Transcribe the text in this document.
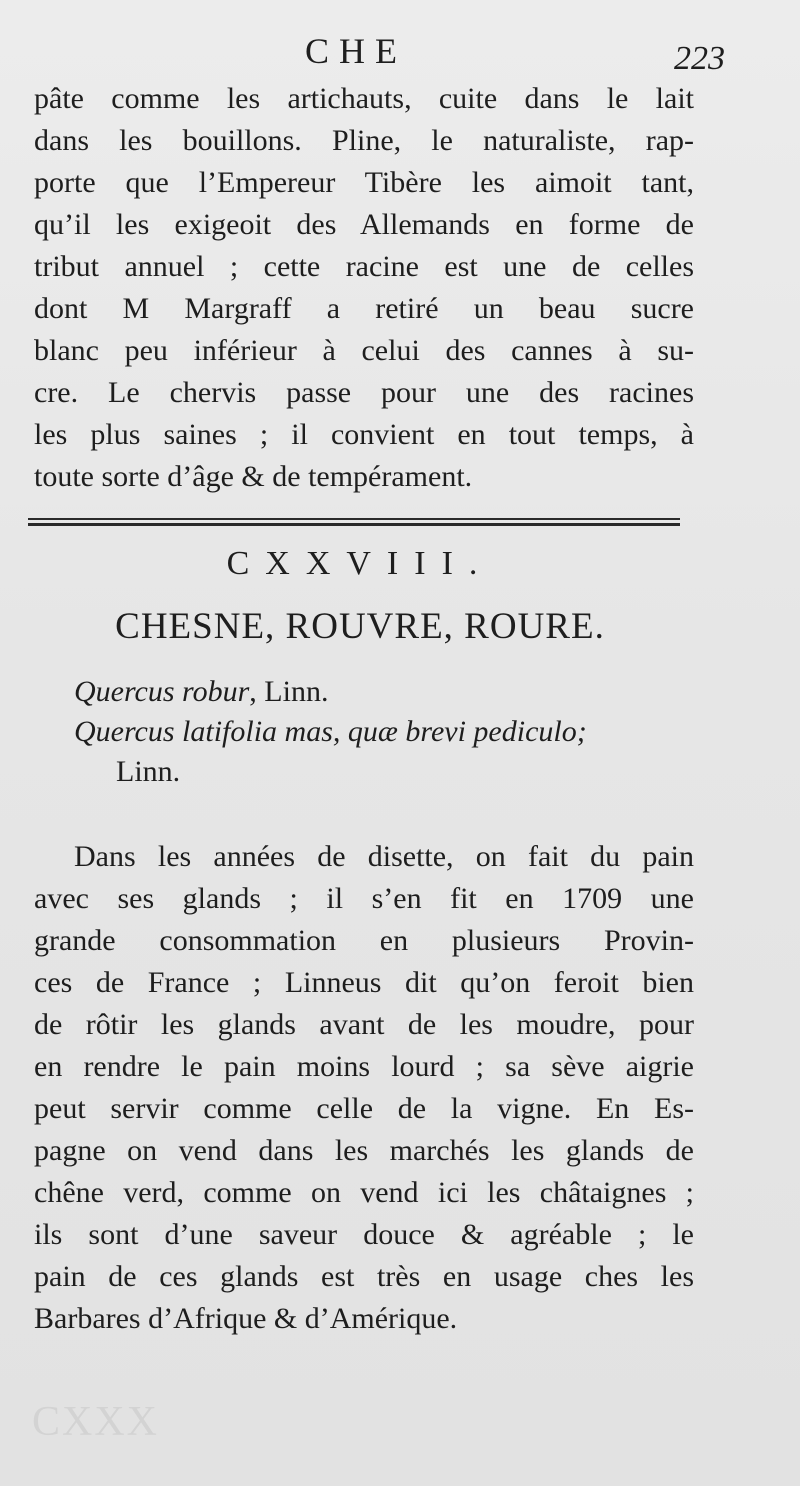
CHE	223
pâte comme les artichauts, cuite dans le lait
dans les bouillons. Pline, le naturaliste, rap-
porte que l’Empereur Tibère les aimoit tant,
qu’il les exigeoit des Allemands en forme de
tribut annuel ; cette racine est une de celles
dont M Margraff a retiré un beau sucre
blanc peu inférieur à celui des cannes à su-
cre. Le chervis passe pour une des racines
les plus saines ; il convient en tout temps, à
toute sorte d’âge & de tempérament.
CXXVIII.
CHESNE, ROUVRE, ROURE.
Quercus robur, Linn.
Quercus latifolia mas, quæ brevi pediculo;
Linn.
Dans les années de disette, on fait du pain
avec ses glands ; il s’en fit en 1709 une
grande consommation en plusieurs Provin-
ces de France ; Linneus dit qu’on feroit bien
de rôtir les glands avant de les moudre, pour
en rendre le pain moins lourd ; sa sève aigrie
peut servir comme celle de la vigne. En Es-
pagne on vend dans les marchés les glands de
chêne verd, comme on vend ici les châtaignes ;
ils sont d’une saveur douce & agréable ; le
pain de ces glands est très en usage ches les
Barbares d’Afrique & d’Amérique.
CXXX
